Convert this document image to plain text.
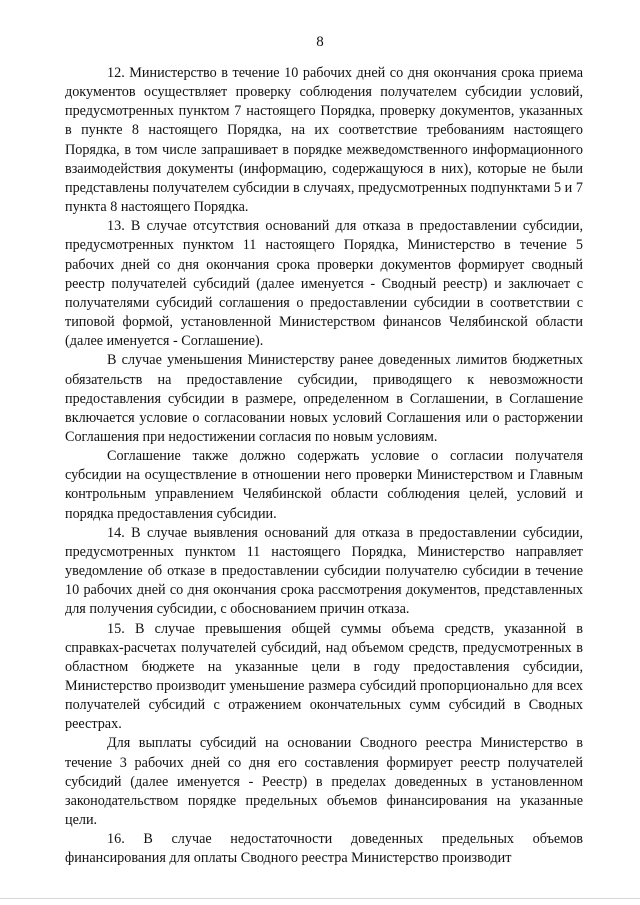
8

12. Министерство в течение 10 рабочих дней со дня окончания срока приема документов осуществляет проверку соблюдения получателем субсидии условий, предусмотренных пунктом 7 настоящего Порядка, проверку документов, указанных в пункте 8 настоящего Порядка, на их соответствие требованиям настоящего Порядка, в том числе запрашивает в порядке межведомственного информационного взаимодействия документы (информацию, содержащуюся в них), которые не были представлены получателем субсидии в случаях, предусмотренных подпунктами 5 и 7 пункта 8 настоящего Порядка.

13. В случае отсутствия оснований для отказа в предоставлении субсидии, предусмотренных пунктом 11 настоящего Порядка, Министерство в течение 5 рабочих дней со дня окончания срока проверки документов формирует сводный реестр получателей субсидий (далее именуется - Сводный реестр) и заключает с получателями субсидий соглашения о предоставлении субсидии в соответствии с типовой формой, установленной Министерством финансов Челябинской области (далее именуется - Соглашение).

В случае уменьшения Министерству ранее доведенных лимитов бюджетных обязательств на предоставление субсидии, приводящего к невозможности предоставления субсидии в размере, определенном в Соглашении, в Соглашение включается условие о согласовании новых условий Соглашения или о расторжении Соглашения при недостижении согласия по новым условиям.

Соглашение также должно содержать условие о согласии получателя субсидии на осуществление в отношении него проверки Министерством и Главным контрольным управлением Челябинской области соблюдения целей, условий и порядка предоставления субсидии.

14. В случае выявления оснований для отказа в предоставлении субсидии, предусмотренных пунктом 11 настоящего Порядка, Министерство направляет уведомление об отказе в предоставлении субсидии получателю субсидии в течение 10 рабочих дней со дня окончания срока рассмотрения документов, представленных для получения субсидии, с обоснованием причин отказа.

15. В случае превышения общей суммы объема средств, указанной в справках-расчетах получателей субсидий, над объемом средств, предусмотренных в областном бюджете на указанные цели в году предоставления субсидии, Министерство производит уменьшение размера субсидий пропорционально для всех получателей субсидий с отражением окончательных сумм субсидий в Сводных реестрах.

Для выплаты субсидий на основании Сводного реестра Министерство в течение 3 рабочих дней со дня его составления формирует реестр получателей субсидий (далее именуется - Реестр) в пределах доведенных в установленном законодательством порядке предельных объемов финансирования на указанные цели.

16. В случае недостаточности доведенных предельных объемов финансирования для оплаты Сводного реестра Министерство производит
